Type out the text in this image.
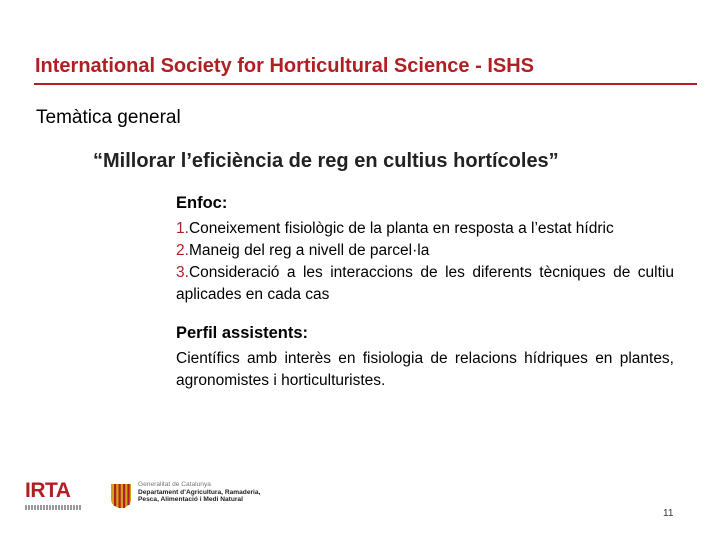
International Society for Horticultural Science - ISHS
Temàtica general
“Millorar l’eficiència de reg en cultius hortícoles”
Enfoc:
1.Coneixement fisiològic de la planta en resposta a l’estat hídric
2.Maneig del reg a nivell de parcel·la
3.Consideració a les interaccions de les diferents tècniques de cultiu aplicades en cada cas
Perfil assistents:
Científics amb interès en fisiologia de relacions hídriques en plantes, agronomistes i horticulturistes.
IRTA	Generalitat de Catalunya
Departament d’Agricultura, Ramaderia,
Pesca, Alimentació i Medi Natural
11
